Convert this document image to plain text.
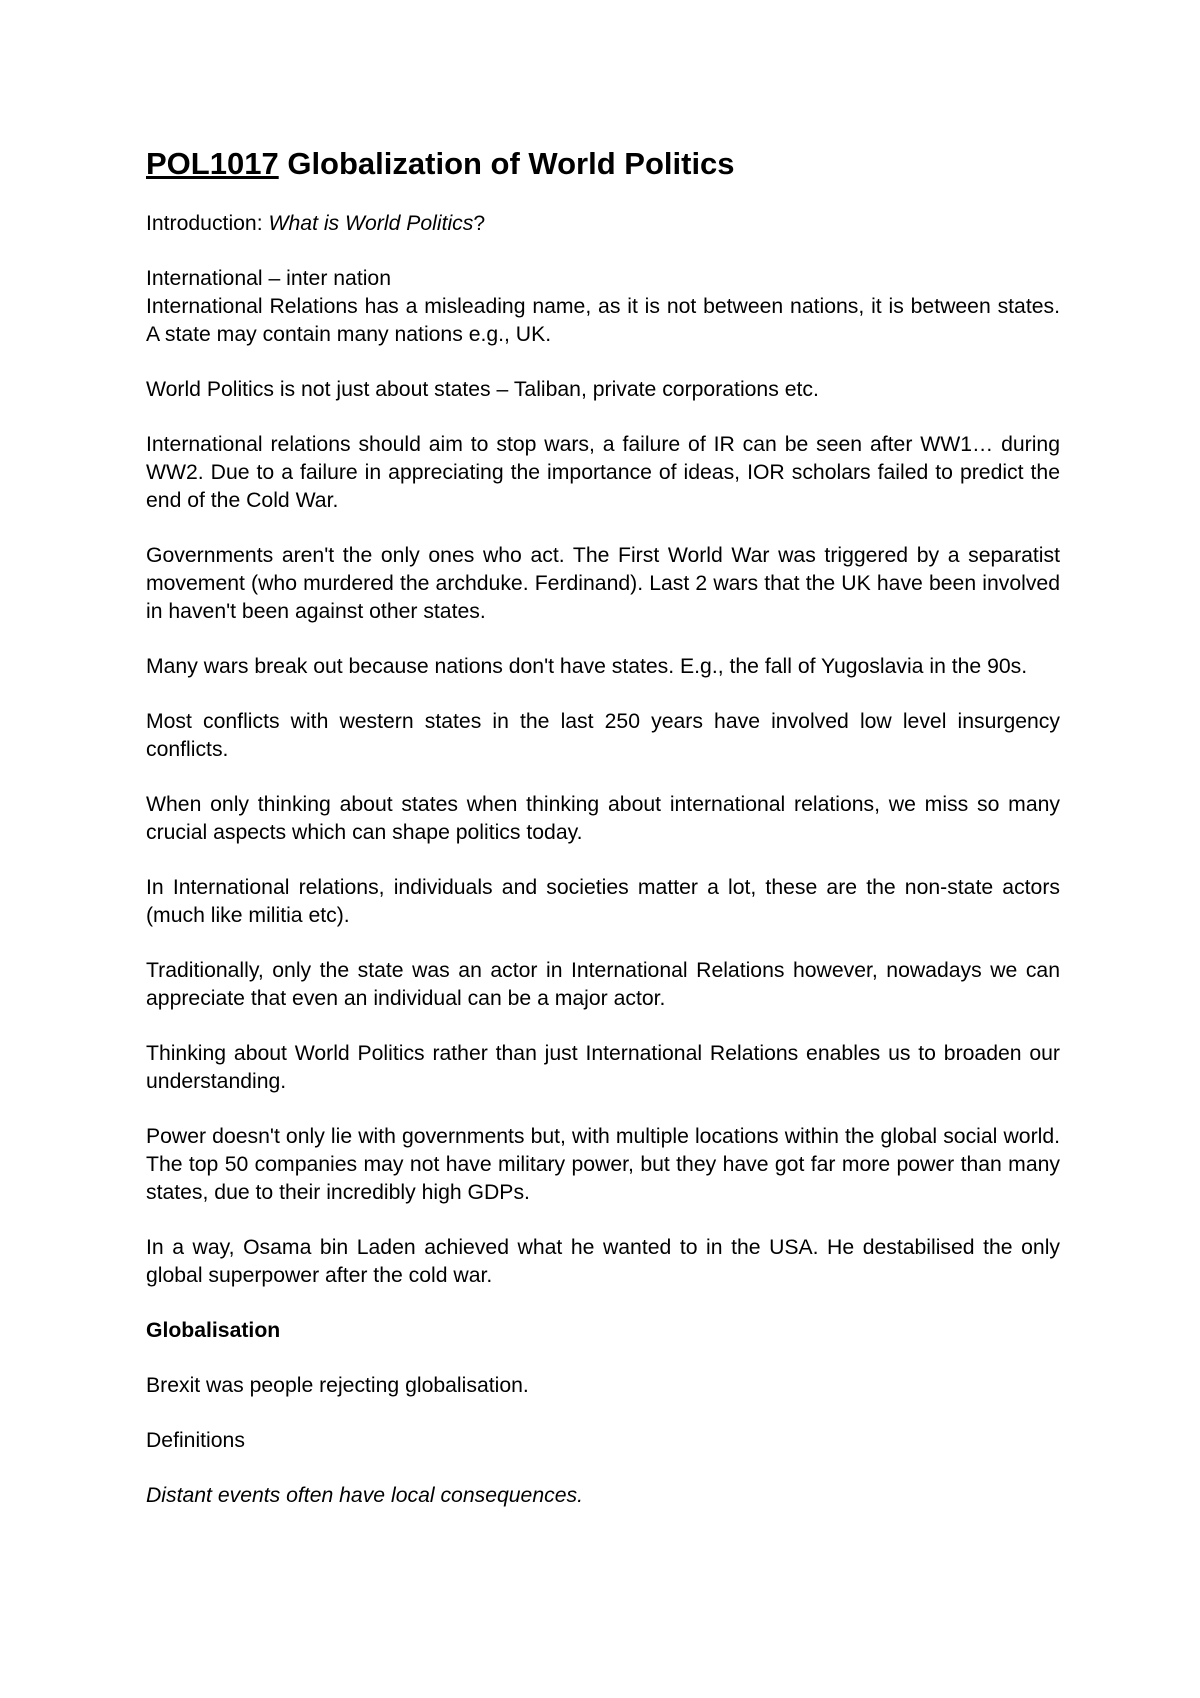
POL1017 Globalization of World Politics

Introduction: What is World Politics?

International – inter nation

International Relations has a misleading name, as it is not between nations, it is between states. A state may contain many nations e.g., UK.

World Politics is not just about states – Taliban, private corporations etc.

International relations should aim to stop wars, a failure of IR can be seen after WW1… during WW2. Due to a failure in appreciating the importance of ideas, IOR scholars failed to predict the end of the Cold War.

Governments aren't the only ones who act. The First World War was triggered by a separatist movement (who murdered the archduke. Ferdinand). Last 2 wars that the UK have been involved in haven't been against other states.

Many wars break out because nations don't have states. E.g., the fall of Yugoslavia in the 90s.

Most conflicts with western states in the last 250 years have involved low level insurgency conflicts.

When only thinking about states when thinking about international relations, we miss so many crucial aspects which can shape politics today.

In International relations, individuals and societies matter a lot, these are the non-state actors (much like militia etc).

Traditionally, only the state was an actor in International Relations however, nowadays we can appreciate that even an individual can be a major actor.

Thinking about World Politics rather than just International Relations enables us to broaden our understanding.

Power doesn't only lie with governments but, with multiple locations within the global social world. The top 50 companies may not have military power, but they have got far more power than many states, due to their incredibly high GDPs.

In a way, Osama bin Laden achieved what he wanted to in the USA. He destabilised the only global superpower after the cold war.

Globalisation

Brexit was people rejecting globalisation.

Definitions

Distant events often have local consequences.
